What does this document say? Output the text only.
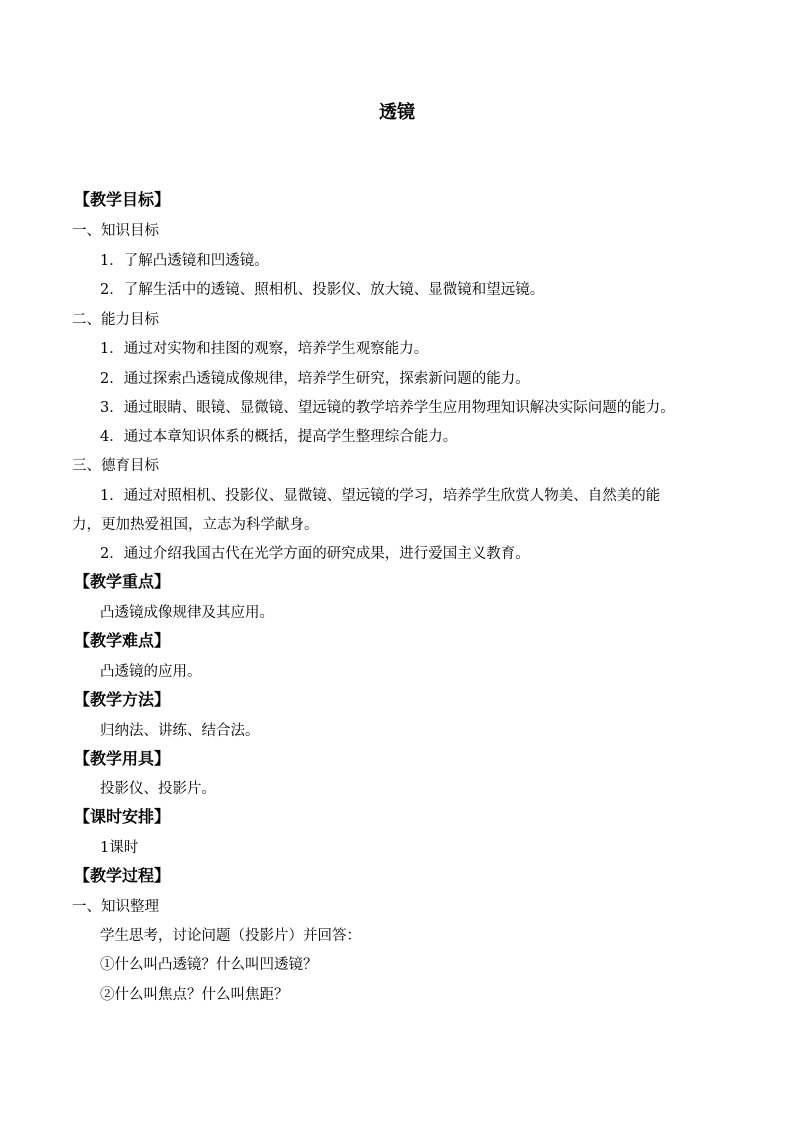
透镜
【教学目标】
一、知识目标
1．了解凸透镜和凹透镜。
2．了解生活中的透镜、照相机、投影仪、放大镜、显微镜和望远镜。
二、能力目标
1．通过对实物和挂图的观察，培养学生观察能力。
2．通过探索凸透镜成像规律，培养学生研究，探索新问题的能力。
3．通过眼睛、眼镜、显微镜、望远镜的教学培养学生应用物理知识解决实际问题的能力。
4．通过本章知识体系的概括，提高学生整理综合能力。
三、德育目标
1．通过对照相机、投影仪、显微镜、望远镜的学习，培养学生欣赏人物美、自然美的能
力，更加热爱祖国，立志为科学献身。
2．通过介绍我国古代在光学方面的研究成果，进行爱国主义教育。
【教学重点】
凸透镜成像规律及其应用。
【教学难点】
凸透镜的应用。
【教学方法】
归纳法、讲练、结合法。
【教学用具】
投影仪、投影片。
【课时安排】
1课时
【教学过程】
一、知识整理
学生思考，讨论问题（投影片）并回答：
①什么叫凸透镜？什么叫凹透镜？
②什么叫焦点？什么叫焦距？
